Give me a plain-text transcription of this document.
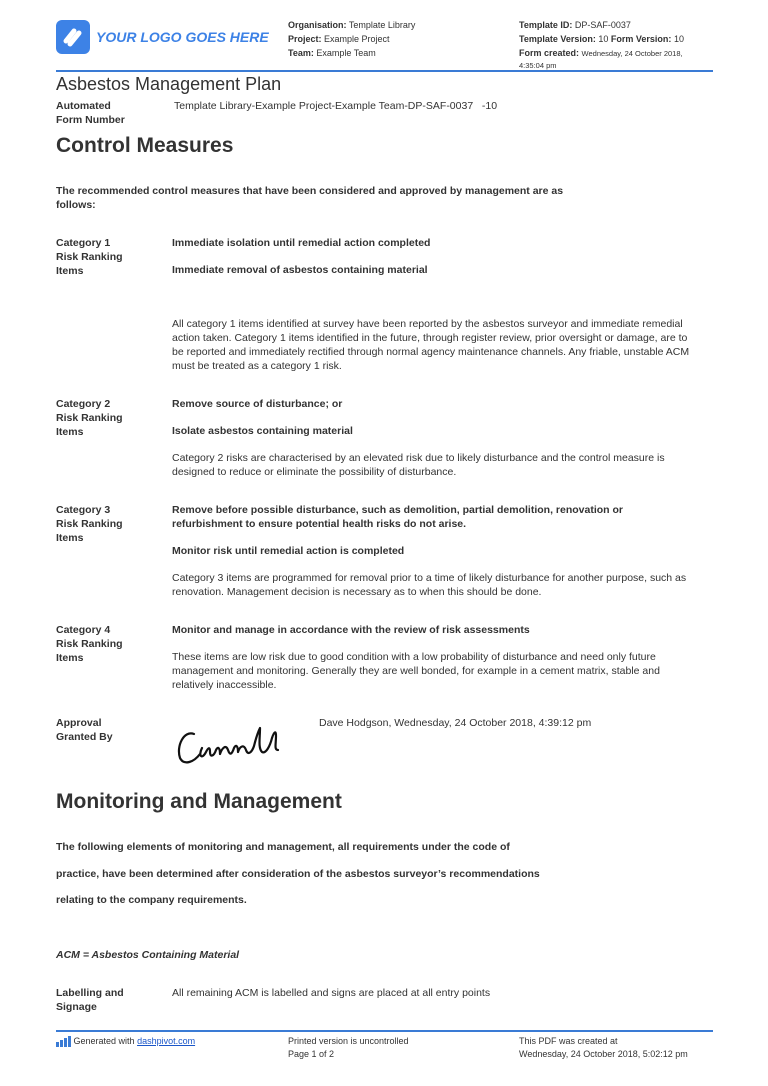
YOUR LOGO GOES HERE
Organisation: Template Library
Project: Example Project
Team: Example Team
Template ID: DP-SAF-0037
Template Version: 10 Form Version: 10
Form created: Wednesday, 24 October 2018,
4:35:04 pm
Asbestos Management Plan
Automated
Form Number
Template Library-Example Project-Example Team-DP-SAF-0037   -10
Control Measures
The recommended control measures that have been considered and approved by management are as
follows:
Category 1
Risk Ranking
Items
Immediate isolation until remedial action completed
Immediate removal of asbestos containing material
All category 1 items identified at survey have been reported by the asbestos surveyor and immediate remedial
action taken. Category 1 items identified in the future, through register review, prior oversight or damage, are to
be reported and immediately rectified through normal agency maintenance channels. Any friable, unstable ACM
must be treated as a category 1 risk.
Category 2
Risk Ranking
Items
Remove source of disturbance; or
Isolate asbestos containing material
Category 2 risks are characterised by an elevated risk due to likely disturbance and the control measure is
designed to reduce or eliminate the possibility of disturbance.
Category 3
Risk Ranking
Items
Remove before possible disturbance, such as demolition, partial demolition, renovation or
refurbishment to ensure potential health risks do not arise.
Monitor risk until remedial action is completed
Category 3 items are programmed for removal prior to a time of likely disturbance for another purpose, such as
renovation. Management decision is necessary as to when this should be done.
Category 4
Risk Ranking
Items
Monitor and manage in accordance with the review of risk assessments
These items are low risk due to good condition with a low probability of disturbance and need only future
management and monitoring. Generally they are well bonded, for example in a cement matrix, stable and
relatively inaccessible.
Approval
Granted By
Dave Hodgson, Wednesday, 24 October 2018, 4:39:12 pm
Monitoring and Management
The following elements of monitoring and management, all requirements under the code of
practice, have been determined after consideration of the asbestos surveyor’s recommendations
relating to the company requirements.
ACM = Asbestos Containing Material
Labelling and
Signage
All remaining ACM is labelled and signs are placed at all entry points
Generated with dashpivot.com	Printed version is uncontrolled
Page 1 of 2
This PDF was created at
Wednesday, 24 October 2018, 5:02:12 pm
